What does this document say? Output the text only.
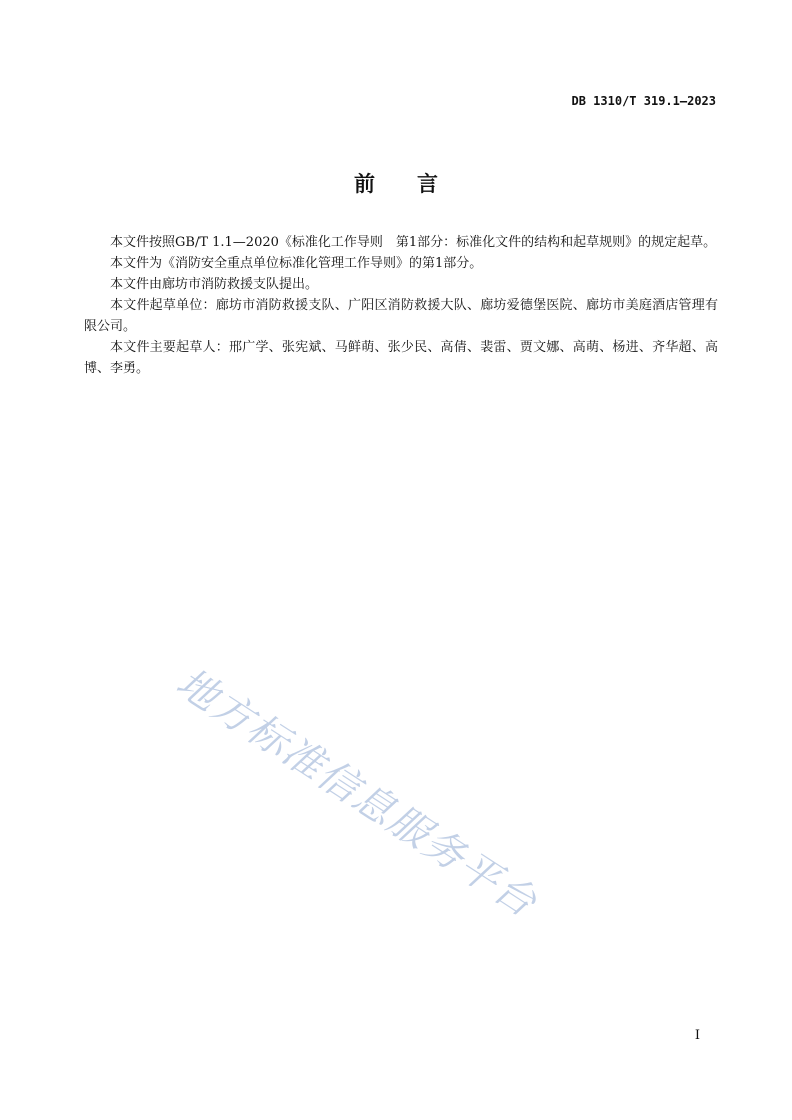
DB 1310/T 319.1—2023
前 言

本文件按照GB/T 1.1—2020《标准化工作导则　第1部分：标准化文件的结构和起草规则》的规定起草。

本文件为《消防安全重点单位标准化管理工作导则》的第1部分。

本文件由廊坊市消防救援支队提出。

本文件起草单位：廊坊市消防救援支队、广阳区消防救援大队、廊坊爱德堡医院、廊坊市美庭酒店管理有限公司。

本文件主要起草人：邢广学、张宪斌、马鲜萌、张少民、高倩、裴雷、贾文娜、高萌、杨进、齐华超、高博、李勇。

地方标准信息服务平台
I
